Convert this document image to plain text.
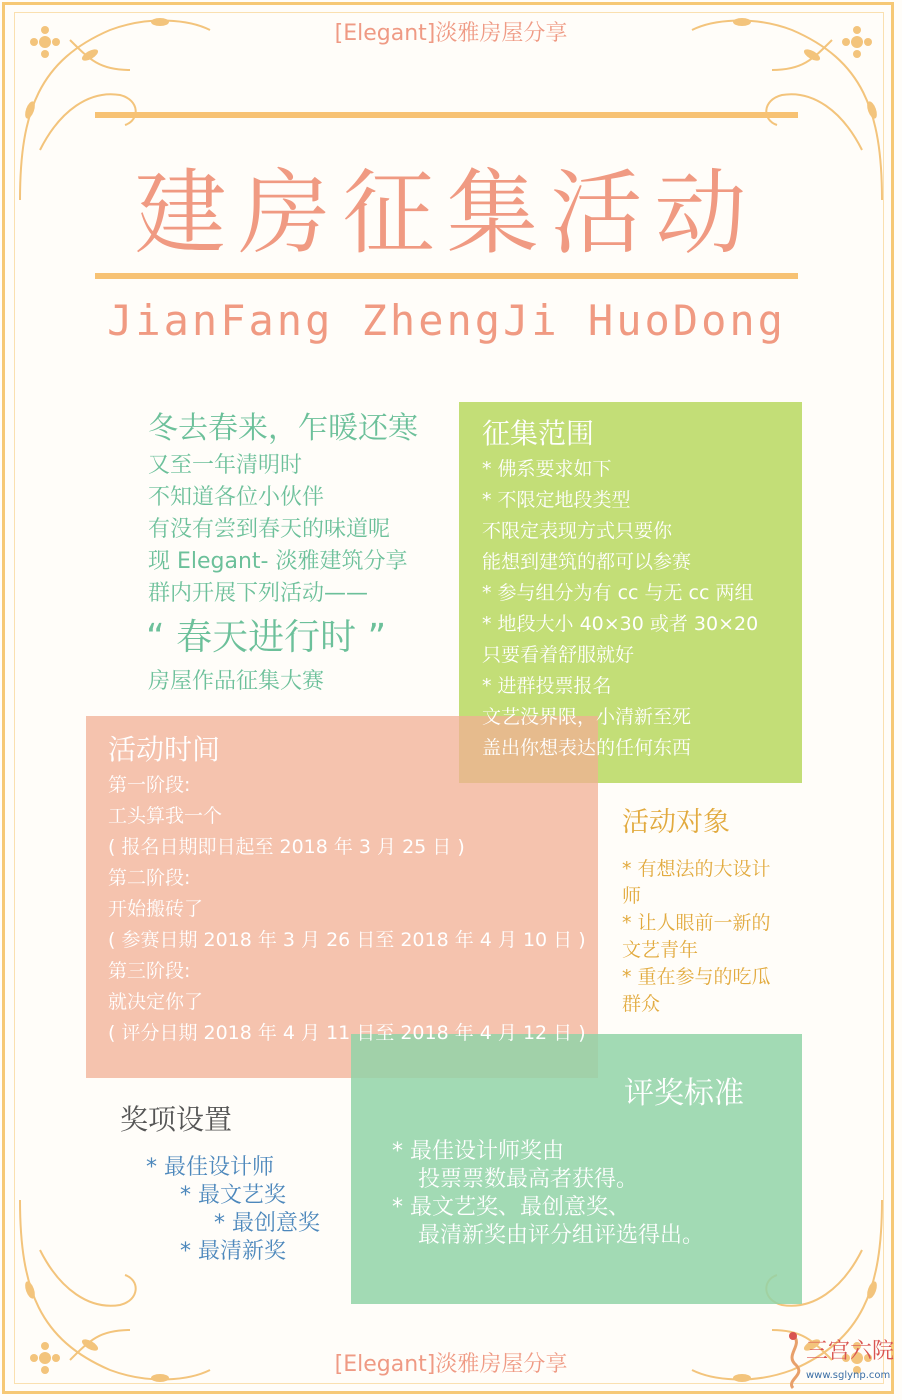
[Elegant]淡雅房屋分享
建房征集活动
JianFang ZhengJi HuoDong
冬去春来，乍暖还寒
又至一年清明时
不知道各位小伙伴
有没有尝到春天的味道呢
现 Elegant- 淡雅建筑分享
群内开展下列活动——
“ 春天进行时 ”
房屋作品征集大赛
征集范围
* 佛系要求如下
* 不限定地段类型
不限定表现方式只要你
能想到建筑的都可以参赛
* 参与组分为有 cc 与无 cc 两组
* 地段大小 40×30 或者 30×20
只要看着舒服就好
* 进群投票报名
文艺没界限，小清新至死
盖出你想表达的任何东西
活动时间
第一阶段:
工头算我一个
( 报名日期即日起至 2018 年 3 月 25 日 )
第二阶段:
开始搬砖了
( 参赛日期 2018 年 3 月 26 日至 2018 年 4 月 10 日 )
第三阶段:
就决定你了
( 评分日期 2018 年 4 月 11 日至 2018 年 4 月 12 日 )
活动对象
* 有想法的大设计
师
* 让人眼前一新的
文艺青年
* 重在参与的吃瓜
群众
奖项设置
* 最佳设计师
* 最文艺奖
* 最创意奖
* 最清新奖
评奖标准
* 最佳设计师奖由
投票票数最高者获得。
* 最文艺奖、最创意奖、
最清新奖由评分组评选得出。
[Elegant]淡雅房屋分享
三宫六院
www.sglynp.com
